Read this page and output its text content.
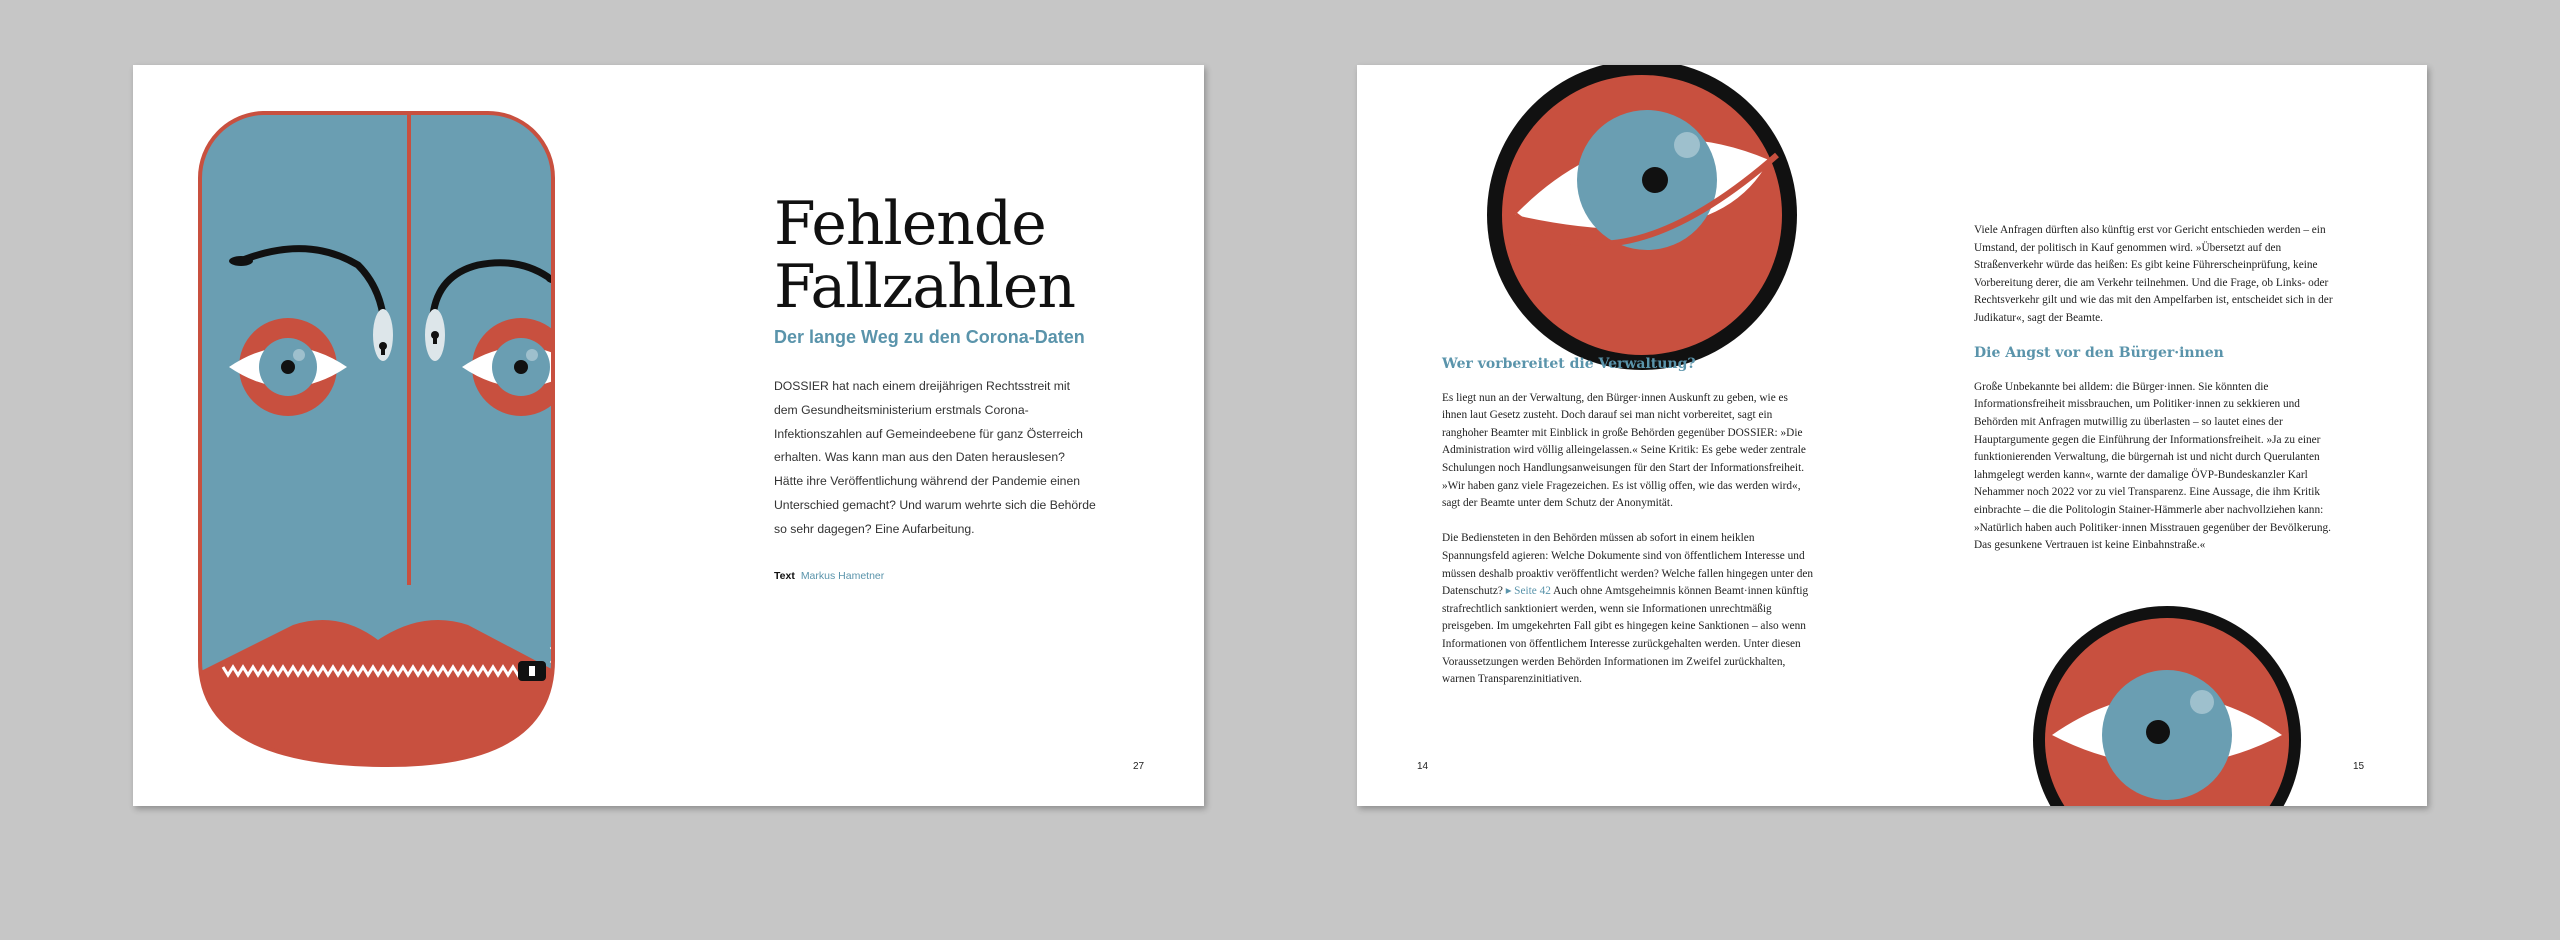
Fehlende
Fallzahlen
Der lange Weg zu den Corona-Daten
DOSSIER hat nach einem dreijährigen Rechtsstreit mit dem Gesundheitsministerium erstmals Corona-Infektionszahlen auf Gemeindeebene für ganz Österreich erhalten. Was kann man aus den Daten herauslesen? Hätte ihre Veröffentlichung während der Pandemie einen Unterschied gemacht? Und warum wehrte sich die Behörde so sehr dagegen? Eine Aufarbeitung.
Text Markus Hametner
27
Wer vorbereitet die Verwaltung?

Es liegt nun an der Verwaltung, den Bürger·innen Auskunft zu geben, wie es ihnen laut Gesetz zusteht. Doch darauf sei man nicht vorbereitet, sagt ein ranghoher Beamter mit Einblick in große Behörden gegenüber DOSSIER: »Die Administration wird völlig alleingelassen.« Seine Kritik: Es gebe weder zentrale Schulungen noch Handlungsanweisungen für den Start der Informationsfreiheit. »Wir haben ganz viele Fragezeichen. Es ist völlig offen, wie das werden wird«, sagt der Beamte unter dem Schutz der Anonymität.

Die Bediensteten in den Behörden müssen ab sofort in einem heiklen Spannungsfeld agieren: Welche Dokumente sind von öffentlichem Interesse und müssen deshalb proaktiv veröffentlicht werden? Welche fallen hingegen unter den Datenschutz? ▸ Seite 42 Auch ohne Amtsgeheimnis können Beamt·innen künftig strafrechtlich sanktioniert werden, wenn sie Informationen unrechtmäßig preisgeben. Im umgekehrten Fall gibt es hingegen keine Sanktionen – also wenn Informationen von öffentlichem Interesse zurückgehalten werden. Unter diesen Voraussetzungen werden Behörden Informationen im Zweifel zurückhalten, warnen Transparenzinitiativen.

Viele Anfragen dürften also künftig erst vor Gericht entschieden werden – ein Umstand, der politisch in Kauf genommen wird. »Übersetzt auf den Straßenverkehr würde das heißen: Es gibt keine Führerscheinprüfung, keine Vorbereitung derer, die am Verkehr teilnehmen. Und die Frage, ob Links- oder Rechtsverkehr gilt und wie das mit den Ampelfarben ist, entscheidet sich in der Judikatur«, sagt der Beamte.

Die Angst vor den Bürger·innen

Große Unbekannte bei alldem: die Bürger·innen. Sie könnten die Informationsfreiheit missbrauchen, um Politiker·innen zu sekkieren und Behörden mit Anfragen mutwillig zu überlasten – so lautet eines der Hauptargumente gegen die Einführung der Informationsfreiheit. »Ja zu einer funktionierenden Verwaltung, die bürgernah ist und nicht durch Querulanten lahmgelegt werden kann«, warnte der damalige ÖVP-Bundeskanzler Karl Nehammer noch 2022 vor zu viel Transparenz. Eine Aussage, die ihm Kritik einbrachte – die die Politologin Stainer-Hämmerle aber nachvollziehen kann: »Natürlich haben auch Politiker·innen Misstrauen gegenüber der Bevölkerung. Das gesunkene Vertrauen ist keine Einbahnstraße.«

14	15
